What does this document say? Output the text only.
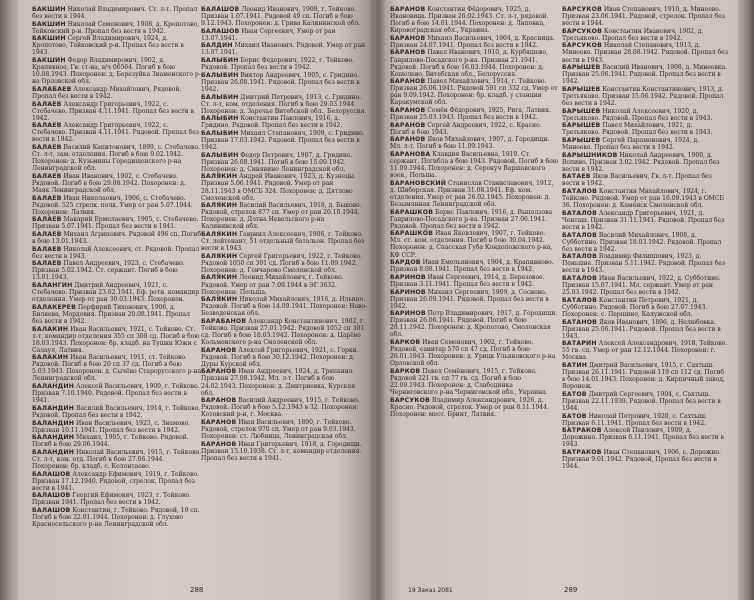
БАКШИН Николай Владимирович. Ст. л-т. Пропал без вести в 1944.

БАКШИН Николай Семенович, 1908, д. Кропотово, Тейковский р-н. Пропал без вести в 1942.

БАКШИН Сергей Владимирович, 1924, д. Кропотово, Тейковский р-н. Пропал без вести в 1943.

БАКШИН Федор Владимирович, 1902, д. Крапивное, Гв. ст-на, в/ч 06564. Погиб в бою 10.08.1943. Похоронен: д. Березуйка Знаменского р-на Орловской обл.

БАЛАБАЕВ Александр Михайлович, Рядовой. Пропал без вести в 1942.

БАЛАЕВ Александр Григорьевич, 1922, с. Стебачево. Призван 4.11.1941. Пропал без вести в 1942.

БАЛАЕВ Александр Григорьевич, 1922, с. Стебачево. Призван 4.11.1941. Рядовой. Пропал без вести в 1942.

БАЛАЕВ Василий Капитонович, 1899, с. Стебачево. Ст. л-т, зам. отделения. Погиб в бою 9.02.1942. Похоронен: д. Кузьмины Городищенского р-на Ленинградской обл.

БАЛАЕВ Иван Иванович, 1902, с. Стебачево. Рядовой. Погиб в бою 29.08.1942. Похоронен: д. Маяк Ленинградской обл.

БАЛАЕВ Иван Николаевич, 1906, с. Стебачево. Рядовой. 525 стрелк. полк. Умер от ран 5.07.1944. Похоронен: Латвия.

БАЛАЕВ Макарий Ермолаевич, 1905, с. Стебачево. Призван 5.07.1941. Пропал без вести в 1941.

БАЛАЕВ Михаил Агрипович. Рядовой 496 сп. Погиб в бою 13.01.1943.

БАЛАЕВ Николай Алексеевич, ст. Рядовой. Пропал без вести в 1943.

БАЛАЕВ Павел Андреевич, 1923, с. Стебачево. Призван 5.02.1942. Ст. сержант. Погиб в бою 13.01.1943.

БАЛАНГИН Дмитрий Андреевич, 1921, с. Стебачево. Призван 23.02.1941. Еф. ротн. командир отделения. Умер от ран 30.03.1943. Похоронен.

БАЛАКЕРЕВ Порфирий Тихонович, 1906, д. Биляева, Мордовия. Призван 20.08.1941. Пропал без вести в 1942.

БАЛАКИН Иван Васильевич, 1921, с. Тейково. Ст. л-т, командир отделения 355 сп 308 сд. Погиб в бою 18.03.1943. Похоронен: бр. кладб. на Тушки Южн с Салаул, Латвия.

БАЛАКИН Иван Васильевич, 1911, ст. Тейково. Рядовой. Погиб в бою 20 сп 37 сд. Погиб в бою 5.03.1943. Похоронен: д. Сычёво Старорусского р-на Ленинградской обл.

БАЛАНДИН Алексей Васильевич, 1909, г. Тейково. Призван 7.10.1940. Рядовой. Пропал без вести в 1941.

БАЛАНДИН Василий Васильевич, 1914, г. Тейково. Рядовой. Пропал без вести в 1942.

БАЛАНДИН Иван Васильевич, 1923, с. Знамово. Призван 10.11.1941. Пропал без вести в 1942.

БАЛАНДИН Михаил, 1905, г. Тейково. Рядовой. Погиб в бою 29.06.1944.

БАЛАНДИН Николай Васильевич, 1915, г. Тейково. Ст. л-т, ком. отд. Погиб в бою 27.06.1944. Похоронен: бр. кладб. с. Колонтаево.

БАЛАШОВ Александр Ефимович, 1919, г. Тейково. Призван 17.12.1940. Рядовой, стрелок. Пропал без вести в 1941.

БАЛАШОВ Георгий Ефимович, 1923, г. Тейково. Призван 1941. Пропал без вести в 1942.

БАЛАШОВ Константин, г. Тейково. Рядовой, 19 сп. Погиб в бою 22.01.1944. Похоронен: д. Глухово Красносельского р-на Ленинградской обл.

БАЛАШОВ Леонид Иванович, 1909, г. Тейково. Призван 1.07.1941. Рядовой 49 сп. Погиб в бою 9.12.1943. Похоронен: д. Грива Калининской обл.

БАЛАШОВ Иван Сергеевич, Умер от ран 13.07.1941.

БАЛДИН Михаил Иванович. Рядовой. Умер от ран 13.07.1941.

БАЛЫБИН Борис Федорович, 1922, г. Тейково. Рядовой. Пропал без вести в 1942.

БАЛЫБИН Виктор Андреевич, 1905, с. Гридино. Призван 26.08.1941. Рядовой. Пропал без вести в 1942.

БАЛЫБИН Дмитрий Петрович, 1913, с. Гридино. Ст. л-т, ком. отделения. Погиб в бою 29.03.1944. Похоронен: д. Заречье Витебской обл., Белоруссия.

БАЛЫБИН Константин Павлович, 1916, д. Гридино. Рядовой. Пропал без вести в 1942.

БАЛЫБИН Михаил Степанович, 1909, с. Гридино. Призван 17.03.1942. Рядовой. Пропал без вести в 1942.

БАЛЫБИН Федор Петрович, 1907, д. Гридино. Призван 26.08.1941. Погиб в бою 15.09.1942. Похоронен: д. Синявино Ленинградской обл.

БАЛЯКИН Андрей Иванович, 1923, д. Кузнецы. Призван 5.06.1941. Рядовой. Умер от ран 28.11.1943 в ОМСБ 324. Похоронен: д. Дятлово Смоленской обл.

БАЛЯКИН Василий Васильевич, 1918, д. Быково. Рядовой, стрелок 877 сп. Умер от ран 20.10.1944. Похоронен: д. Дотна Невельского р-на Калининской обл.

БАЛЯКИН Гавриил Алексеевич, 1906, г. Тейково. Ст. лейтенант, 51 отдельный батальон. Пропал без вести в 1943.

БАЛЯКИН Сергей Григорьевич, 1922, г. Тейково. Рядовой 1050 сп 301 сд. Погиб в бою 11.09.1942. Похоронен: д. Гончарово Смоленской обл.

БАЛЯКИН Леонид Михайлович, г. Тейково. Рядовой. Умер от ран 7.09.1944 в ЭГ 3632. Похоронен: Польша.

БАЛЯКИН Николай Михайлович, 1916, д. Ильино. Рядовой. Погиб в бою 14.09.1941. Похоронен: Ново-Безводенская обл.

БАРАБАНОВ Александр Константинович, 1902, г. Тейково. Призван 27.01.1942. Рядовой 1052 сп 301 сд. Погиб в бою 18.03.1942. Похоронен: д. Царёво Кольменского р-на Смоленской обл.

БАРАНОВ Алексей Григорьевич, 1921, с. Горки. Рядовой. Погиб в бою 30.12.1942. Похоронен: д. Дуры Курской обл.

БАРАНОВ Иван Андреевич, 1924, д. Тряпкино. Призван 27.08.1942. Мл. л-т. Погиб в бою 24.02.1943. Похоронен: д. Дмитриевка, Курская обл.

БАРАНОВ Василий Андреевич, 1915, г. Тейково. Рядовой. Погиб в бою 5.12.1943 в 32. Похоронен: Котовский р-н, г. Москва.

БАРАНОВ Иван Васильевич, 1890, г. Тейково. Рядовой, стрелок 970 сп. Умер от ран 9.03.1943. Похоронен: ст. Любница, Ленинградская обл.

БАРАНОВ Иван Григорьевич, 1918, д. Городищи. Призван 15.10.1938. Ст. л-т, командир отделения. Пропал без вести в 1941.

288

БАРАНОВ Константин Фёдорович, 1925, д. Ивановица. Призван 26.02.1943. Ст. л-т, рядовой. Погиб в бою 14.01.1944. Похоронен: д. Липовка, Кировоградская обл., Украина.

БАРАНОВ Михаил Васильевич, 1904, д. Красница. Призван 24.07.1941. Пропал без вести в 1942.

БАРАНОВ Павел Иванович, 1910, д. Курбяшево, Гаврилово-Посадского р-на. Призван 21.1941. Рядовой. Погиб в бою 16.03.1944. Похоронен: д. Кошелево, Витебская обл., Белоруссия.

БАРАНОВ Павел Михайлович, 1914, г. Тейково. Призван 26.06.1941. Рядовой 591 сп 332 сд. Умер от ран 9.09.1942. Похоронен: бр. кладб. у станции Каракумской обл.

БАРАНОВ Семён Фёдорович, 1925, Рига, Латвия. Призван 25.03.1943. Пропал без вести в 1942.

БАРАНОВ Сергей Андреевич, 1922, с. Красно. Погиб в бою 1943.

БАРАНОВ Яков Михайлович, 1907, д. Городищи. Мл. л-т. Погиб в бою 11.09.1943.

БАРАНОВА Клавдия Васильевна, 1919. Ст. сержант. Погибла в бою 1943. Рядовой. Погиб в бою 11.09.1944. Похоронен: д. Серокуч Варшавского воев., Польша.

БАРАНОВСКИЙ Станислав Станиславович, 1912, д. Шиборская. Призван 31.08.1941. Еф. ком. отделения. Умер от ран 26.02.1945. Похоронен: д. Безымянная Ленинградской обл.

БАРАШКОВ Борис Павлович, 1916, д. Выползова Гаврилово-Посадского р-на. Призван 27.06.1941. Рядовой. Пропал без вести в 1942.

БАРАШКОВ Иван Яковлевич, 1907, г. Тейково. Мл. ст. ком. отделения. Погиб в бою 30.04.1942. Похоронен: д. Спасская Губа Кондопожского р-на, КФ ССР.

БАРДОВ Иван Емельянович, 1904, д. Крапивново. Призван 8.08.1941. Пропал без вести в 1942.

БАРИНОВ Иван Сергеевич, 1914, д. Березовое. Призван 3.11.1941. Пропал без вести в 1942.

БАРИНОВ Михаил Сергеевич, 1909, д. Сосново. Призван 26.09.1941. Рядовой. Пропал без вести в 1942.

БАРИНОВ Петр Владимирович, 1917, д. Городищи. Призван 26.06.1941. Рядовой. Погиб в бою 28.11.1942. Похоронен: д. Кропотово, Смоленская обл.

БАРКОВ Иван Семенович, 1902, г. Тейково. Рядовой, санитар 570 сп 47 сд. Погиб в бою 26.01.1943. Похоронен: д. Урицк Ульяновского р-на Орловской обл.

БАРКОВ Павел Семёнович, 1915, г. Тейково. Рядовой 221 гв. сп 77 гв. сд. Погиб в бою 22.09.1943. Похоронен: д. Слабодинка Черниговского р-на Черниговской обл., Украина.

БАРСУКОВ Владимир Александрович, 1926, д. Красно. Рядовой, стрелок. Умер от ран 8.11.1944. Похоронен: мест. Бринт, Латвия.

БАРСУКОВ Иван Степанович, 1910, д. Минеево. Призван 23.06.1941. Рядовой, стрелок. Пропал без вести в 1944.

БАРСУКОВ Константин Иванович, 1902, д. Третьяково. Пропал без вести в 1942.

БАРСУКОВ Николай Степанович, 1913, д. Минеево. Призван 28.08.1942. Рядовой. Пропал без вести в 1943.

БАРЫШЕВ Василий Иванович, 1908, д. Минеевка. Призван 25.06.1941. Рядовой. Пропал без вести в 1942.

БАРЫШЕВ Константин Константинович, 1913, д. Третьяково. Призван 15.06.1942. Рядовой. Пропал без вести в 1942.

БАРЫШЕВ Николай Алексеевич, 1920, д. Третьяково. Рядовой. Пропал без вести в 1943.

БАРЫШЕВ Павел Михайлович, 1921, д. Третьяково. Рядовой. Пропал без вести в 1943.

БАРЫШЕВ Сергей Парамонович, 1924, д. Минеево. Пропал без вести в 1942.

БАРЫШНИКОВ Николай Андреевич, 1900, д. Вопино. Призван 3.02.1942. Рядовой. Пропал без вести в 1942.

БАТАЕВ Яков Васильевич, Гв. л-т. Пропал без вести в 1942.

БАТАЛОВ Константин Михайлович, 1924, г. Тейково. Рядовой. Умер от ран 16.09.1943 в ОМСБ 36. Похоронен: д. Каменск Смоленской обл.

БАТАЛОВ Александр Григорьевич, 1921, д. Ченташ. Призван 31.11.1941. Рядовой. Пропал без вести в 1942.

БАТАЛОВ Василий Михайлович, 1908, д. Субботино. Призван 18.03.1942. Рядовой. Пропал без вести в 1942.

БАТАЛОВ Владимир Филиппович, 1923, д. Пеньшие. Призван 5.11.1942. Рядовой. Пропал без вести в 1943.

БАТАЛОВ Иван Васильевич, 1922, д. Субботино. Призван 15.07.1941. Мл. сержант. Умер от ран 25.03.1942. Пропал без вести в 1942.

БАТАЛОВ Константин Петрович, 1921, д. Субботино. Рядовой. Погиб в бою 27.07.1943. Похоронен: с. Першино, Калужской обл.

БАТАНОВ Яков Иванович, 1896, д. Нелюбовка. Призван 25.06.1941. Рядовой. Пропал без вести в 1943.

БАТАРИН Алексей Александрович, 1918, Тейково. 55 гв. сп. Умер от ран 12.12.1944. Похоронен: г. Москва.

БАТИН Дмитрий Васильевич, 1915, г. Сахтыш. Призван 26.11.1941. Рядовой 119 сп 112 сд. Погиб в бою 14.01.1943. Похоронен: д. Кирпичный завод, Воронеж.

БАТОВ Дмитрий Сергеевич, 1904, с. Сахтыш. Призван 22.11.1939. Рядовой. Пропал без вести в 1944.

БАТОВ Николай Петрович, 1920, с. Сахтыш. Призван 6.11.1941. Пропал без вести в 1942.

БАТРАКОВ Алексей Павлович, 1909, д. Дорожино. Призван 6.11.1941. Пропал без вести в 1943.

БАТРАКОВ Иван Степанович, 1906, с. Дорожно. Призван 9.01.1942. Рядовой, Пропал без вести в 1944.

19 Заказ 2081	289
